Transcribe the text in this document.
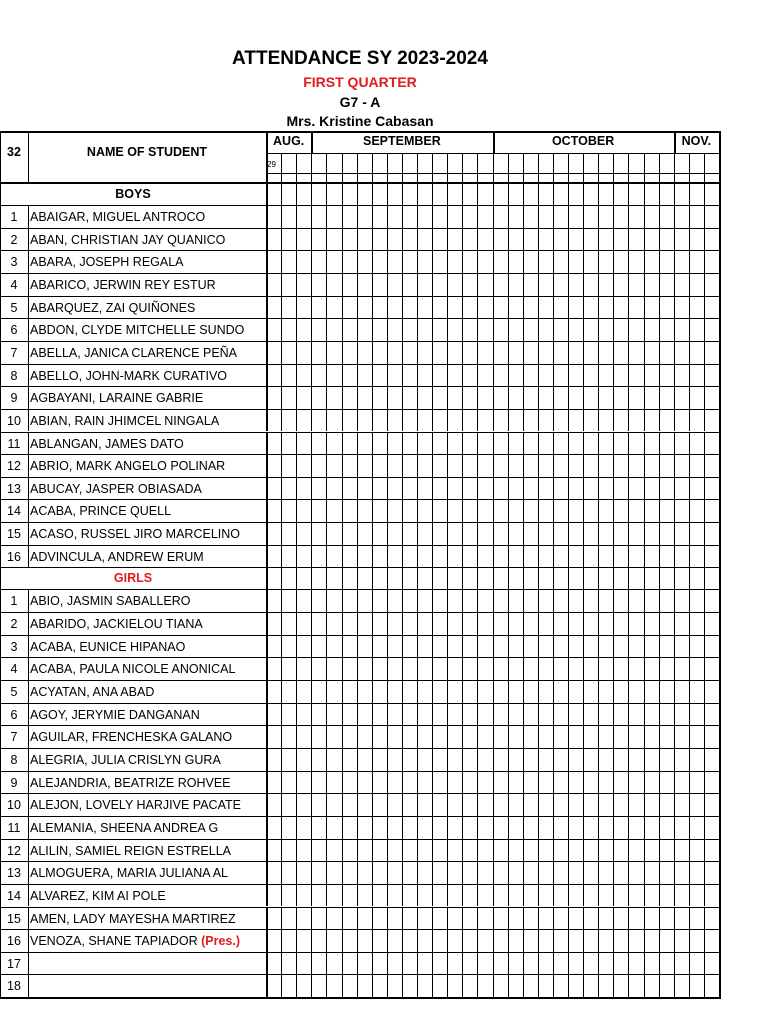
ATTENDANCE SY 2023-2024
FIRST QUARTER
G7 - A
Mrs. Kristine Cabasan
AUG.	SEPTEMBER	OCTOBER	NOV.
29
32	NAME OF STUDENT
BOYS
1	ABAIGAR, MIGUEL ANTROCO
2	ABAN, CHRISTIAN JAY QUANICO
3	ABARA, JOSEPH REGALA
4	ABARICO, JERWIN REY ESTUR
5	ABARQUEZ, ZAI QUIÑONES
6	ABDON, CLYDE MITCHELLE SUNDO
7	ABELLA, JANICA CLARENCE PEÑA
8	ABELLO, JOHN-MARK CURATIVO
9	AGBAYANI, LARAINE GABRIE
10 ABIAN, RAIN JHIMCEL NINGALA
11 ABLANGAN, JAMES DATO
12 ABRIO, MARK ANGELO POLINAR
13 ABUCAY, JASPER OBIASADA
14 ACABA, PRINCE QUELL
15 ACASO, RUSSEL JIRO MARCELINO
16 ADVINCULA, ANDREW ERUM
GIRLS
1	ABIO, JASMIN SABALLERO
2	ABARIDO, JACKIELOU TIANA
3	ACABA, EUNICE HIPANAO
4	ACABA, PAULA NICOLE ANONICAL
5	ACYATAN, ANA ABAD
6	AGOY, JERYMIE DANGANAN
7	AGUILAR, FRENCHESKA GALANO
8	ALEGRIA, JULIA CRISLYN GURA
9	ALEJANDRIA, BEATRIZE ROHVEE
10 ALEJON, LOVELY HARJIVE PACATE
11 ALEMANIA, SHEENA ANDREA G
12 ALILIN, SAMIEL REIGN ESTRELLA
13 ALMOGUERA, MARIA JULIANA AL
14 ALVAREZ, KIM AI POLE
15 AMEN, LADY MAYESHA MARTIREZ
16 VENOZA, SHANE TAPIADOR (Pres.)
17
18
